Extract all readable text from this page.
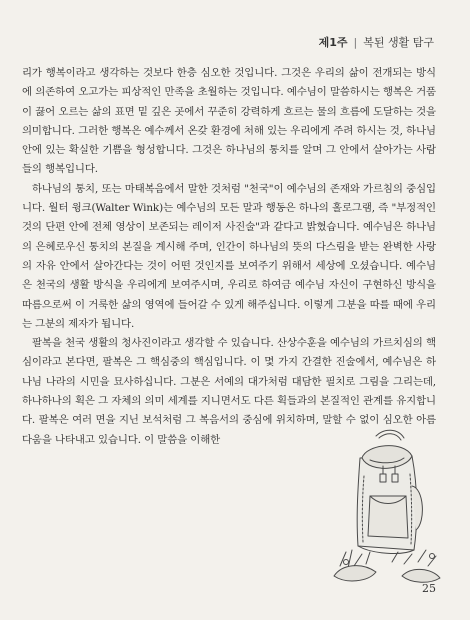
제1주 | 복된 생활 탐구

리가 행복이라고 생각하는 것보다 한층 심오한 것입니다. 그것은 우리의 삶이 전개되는 방식에 의존하여 오고가는 피상적인 만족을 초월하는 것입니다. 예수님이 말씀하시는 행복은 거품이 끓어 오르는 삶의 표면 밑 깊은 곳에서 꾸준히 강력하게 흐르는 물의 흐름에 도달하는 것을 의미합니다. 그러한 행복은 예수께서 온갖 환경에 처해 있는 우리에게 주려 하시는 것, 하나님 안에 있는 확실한 기쁨을 형성합니다. 그것은 하나님의 통치를 알며 그 안에서 살아가는 사람들의 행복입니다.

하나님의 통치, 또는 마태복음에서 말한 것처럼 "천국"이 예수님의 존재와 가르침의 중심입니다. 월터 윙크(Walter Wink)는 예수님의 모든 말과 행동은 하나의 홀로그램, 즉 "부정적인 것의 단편 안에 전체 영상이 보존되는 레이저 사진술"과 같다고 밝혔습니다. 예수님은 하나님의 은혜로우신 통치의 본질을 계시해 주며, 인간이 하나님의 뜻의 다스림을 받는 완벽한 사랑의 자유 안에서 살아간다는 것이 어떤 것인지를 보여주기 위해서 세상에 오셨습니다. 예수님은 천국의 생활 방식을 우리에게 보여주시며, 우리로 하여금 예수님 자신이 구현하신 방식을 따름으로써 이 거룩한 삶의 영역에 들어갈 수 있게 해주십니다. 이렇게 그분을 따를 때에 우리는 그분의 제자가 됩니다.

팔복을 천국 생활의 청사진이라고 생각할 수 있습니다. 산상수훈을 예수님의 가르치심의 핵심이라고 본다면, 팔복은 그 핵심중의 핵심입니다. 이 몇 가지 간결한 진술에서, 예수님은 하나님 나라의 시민을 묘사하십니다. 그분은 서예의 대가처럼 대담한 필치로 그림을 그리는데, 하나하나의 획은 그 자체의 의미 세계를 지니면서도 다른 획들과의 본질적인 관계를 유지합니다. 팔복은 여러 면을 지닌 보석처럼 그 복음서의 중심에 위치하며, 말할 수 없이 심오한 아름다움을 나타내고 있습니다. 이 말씀을 이해한

25
